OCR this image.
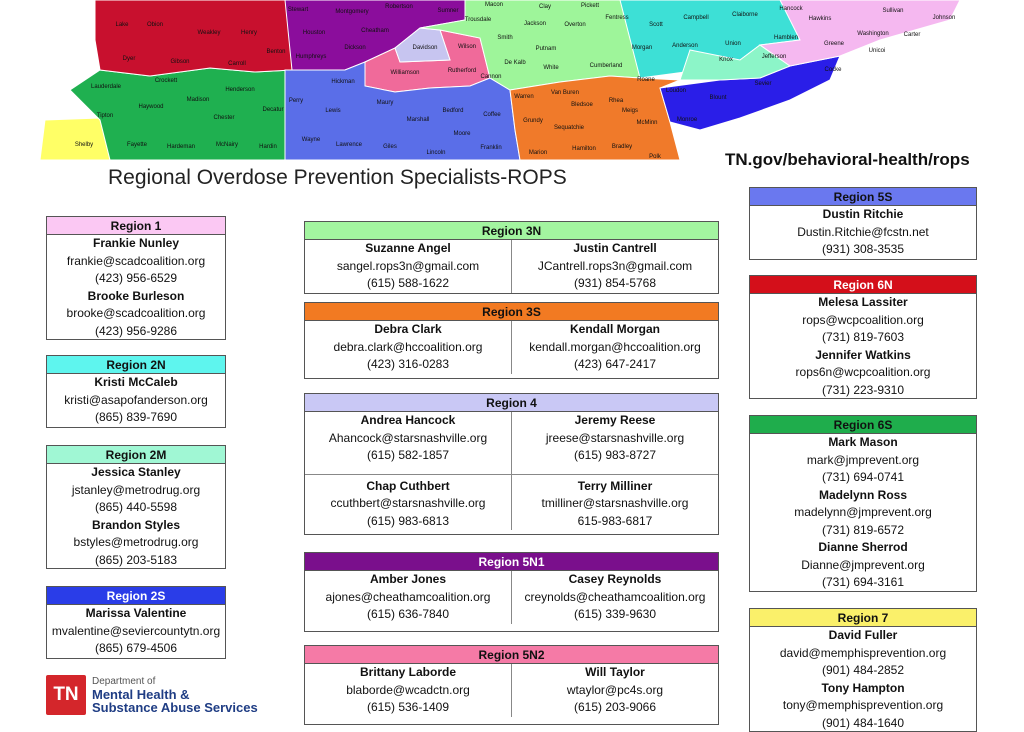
Lake	Obion
Weakley	Henry
Stewart	Montgomery
Robertson
Sumner
Macon	Clay	Pickett	Hancock	Sullivan
Johnson
Dyer	Gibson	Carroll
Benton
Houston	Cheatham
Trousdale
Jackson	Overton
Fentress
Scott
Campbell	Claiborne
Hawkins
Washington Carter
Humphreys
Dickson	Davidson	Wilson
Smith
Putnam	Morgan	Anderson	Union
Hamblen
Greene
Unicoi
Lauderdale
Crockett
Henderson
Williamson	Rutherford
Cannon
De Kalb
White	Cumberland
Knox	Jefferson
Cocke
Haywood
Madison
Decatur
Perry
Hickman
Maury
Roane
Sevier
Tipton	Chester
Lewis	Bedford
Coffee
Van Buren
Bledsoe
Rhea
Meigs
Loudon
Blount
Warren
Marshall	Grundy
Sequatchie
McMinn	Monroe
Shelby	Fayette	Hardeman	McNairy	Hardin
Wayne
Lawrence	Giles
Lincoln
Moore
Franklin
Marion
Hamilton	Bradley
Polk
Regional Overdose Prevention Specialists-ROPS
TN.gov/behavioral-health/rops
Region 1
Frankie Nunley
frankie@scadcoalition.org
(423) 956-6529
Brooke Burleson
brooke@scadcoalition.org
(423) 956-9286
Region 2N
Kristi McCaleb
kristi@asapofanderson.org
(865) 839-7690
Region 2M
Jessica Stanley
jstanley@metrodrug.org
(865) 440-5598
Brandon Styles
bstyles@metrodrug.org
(865) 203-5183
Region 2S
Marissa Valentine
mvalentine@seviercountytn.org
(865) 679-4506
Region 3N
Suzanne Angel
sangel.rops3n@gmail.com
(615) 588-1622
Justin Cantrell
JCantrell.rops3n@gmail.com
(931) 854-5768
Region 3S
Debra Clark
debra.clark@hccoalition.org
(423) 316-0283
Kendall Morgan
kendall.morgan@hccoalition.org
(423) 647-2417
Region 4
Andrea Hancock
Ahancock@starsnashville.org
(615) 582-1857
Jeremy Reese
jreese@starsnashville.org
(615) 983-8727
Chap Cuthbert
ccuthbert@starsnashville.org
(615) 983-6813
Terry Milliner
tmilliner@starsnashville.org
615-983-6817
Region 5N1
Amber Jones
ajones@cheathamcoalition.org
(615) 636-7840
Casey Reynolds
creynolds@cheathamcoalition.org
(615) 339-9630
Region 5N2
Brittany Laborde
blaborde@wcadctn.org
(615) 536-1409
Will Taylor
wtaylor@pc4s.org
(615) 203-9066
Region 5S
Dustin Ritchie
Dustin.Ritchie@fcstn.net
(931) 308-3535
Region 6N
Melesa Lassiter
rops@wcpcoalition.org
(731) 819-7603
Jennifer Watkins
rops6n@wcpcoalition.org
(731) 223-9310
Region 6S
Mark Mason
mark@jmprevent.org
(731) 694-0741
Madelynn Ross
madelynn@jmprevent.org
(731) 819-6572
Dianne Sherrod
Dianne@jmprevent.org
(731) 694-3161
Region 7
David Fuller
david@memphisprevention.org
(901) 484-2852
Tony Hampton
tony@memphisprevention.org
(901) 484-1640
TN
Department of
Mental Health &
Substance Abuse Services
